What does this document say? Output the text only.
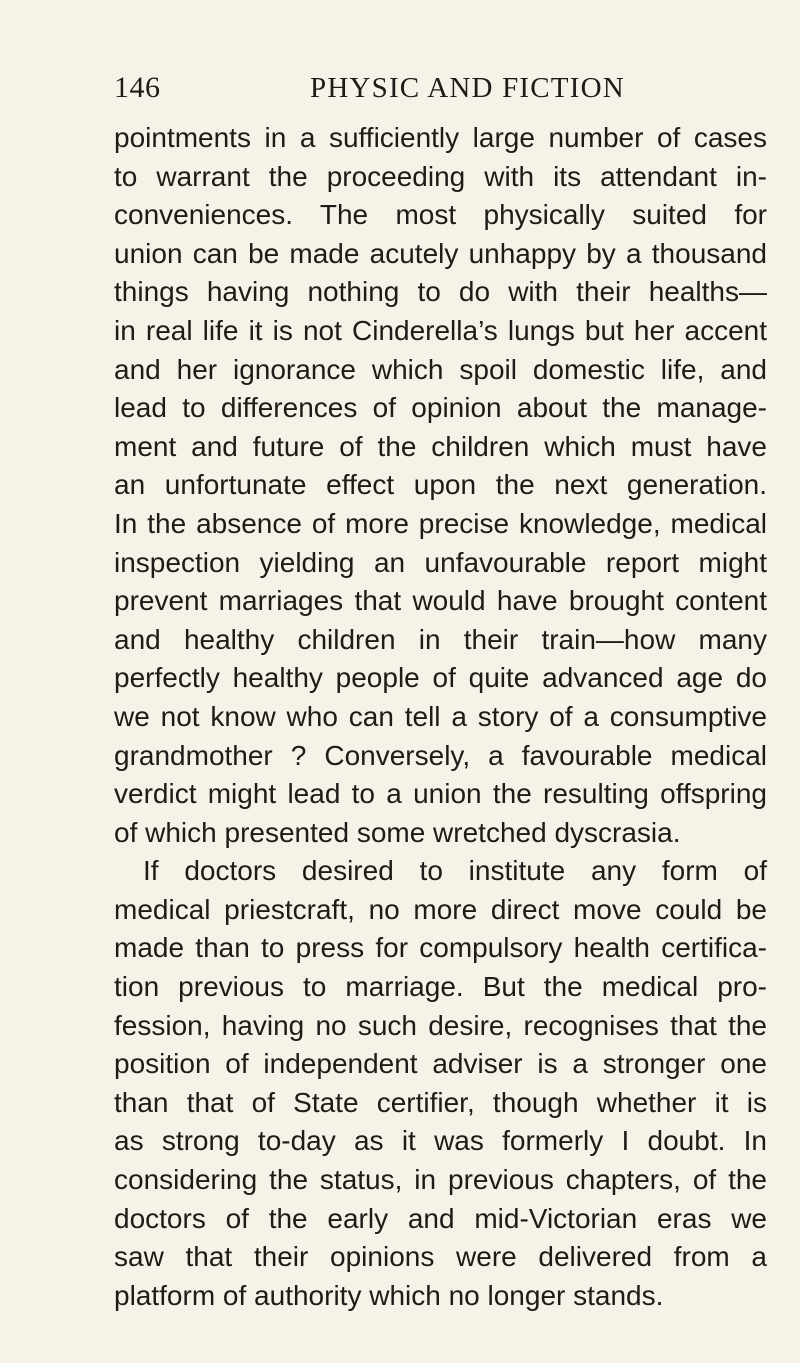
146	PHYSIC AND FICTION
pointments in a sufficiently large number of cases
to warrant the proceeding with its attendant in-
conveniences. The most physically suited for
union can be made acutely unhappy by a thousand
things having nothing to do with their healths—
in real life it is not Cinderella’s lungs but her accent
and her ignorance which spoil domestic life, and
lead to differences of opinion about the manage-
ment and future of the children which must have
an unfortunate effect upon the next generation.
In the absence of more precise knowledge, medical
inspection yielding an unfavourable report might
prevent marriages that would have brought content
and healthy children in their train—how many
perfectly healthy people of quite advanced age do
we not know who can tell a story of a consumptive
grandmother ? Conversely, a favourable medical
verdict might lead to a union the resulting offspring
of which presented some wretched dyscrasia.
If doctors desired to institute any form of
medical priestcraft, no more direct move could be
made than to press for compulsory health certifica-
tion previous to marriage. But the medical pro-
fession, having no such desire, recognises that the
position of independent adviser is a stronger one
than that of State certifier, though whether it is
as strong to-day as it was formerly I doubt. In
considering the status, in previous chapters, of the
doctors of the early and mid-Victorian eras we
saw that their opinions were delivered from a
platform of authority which no longer stands.
